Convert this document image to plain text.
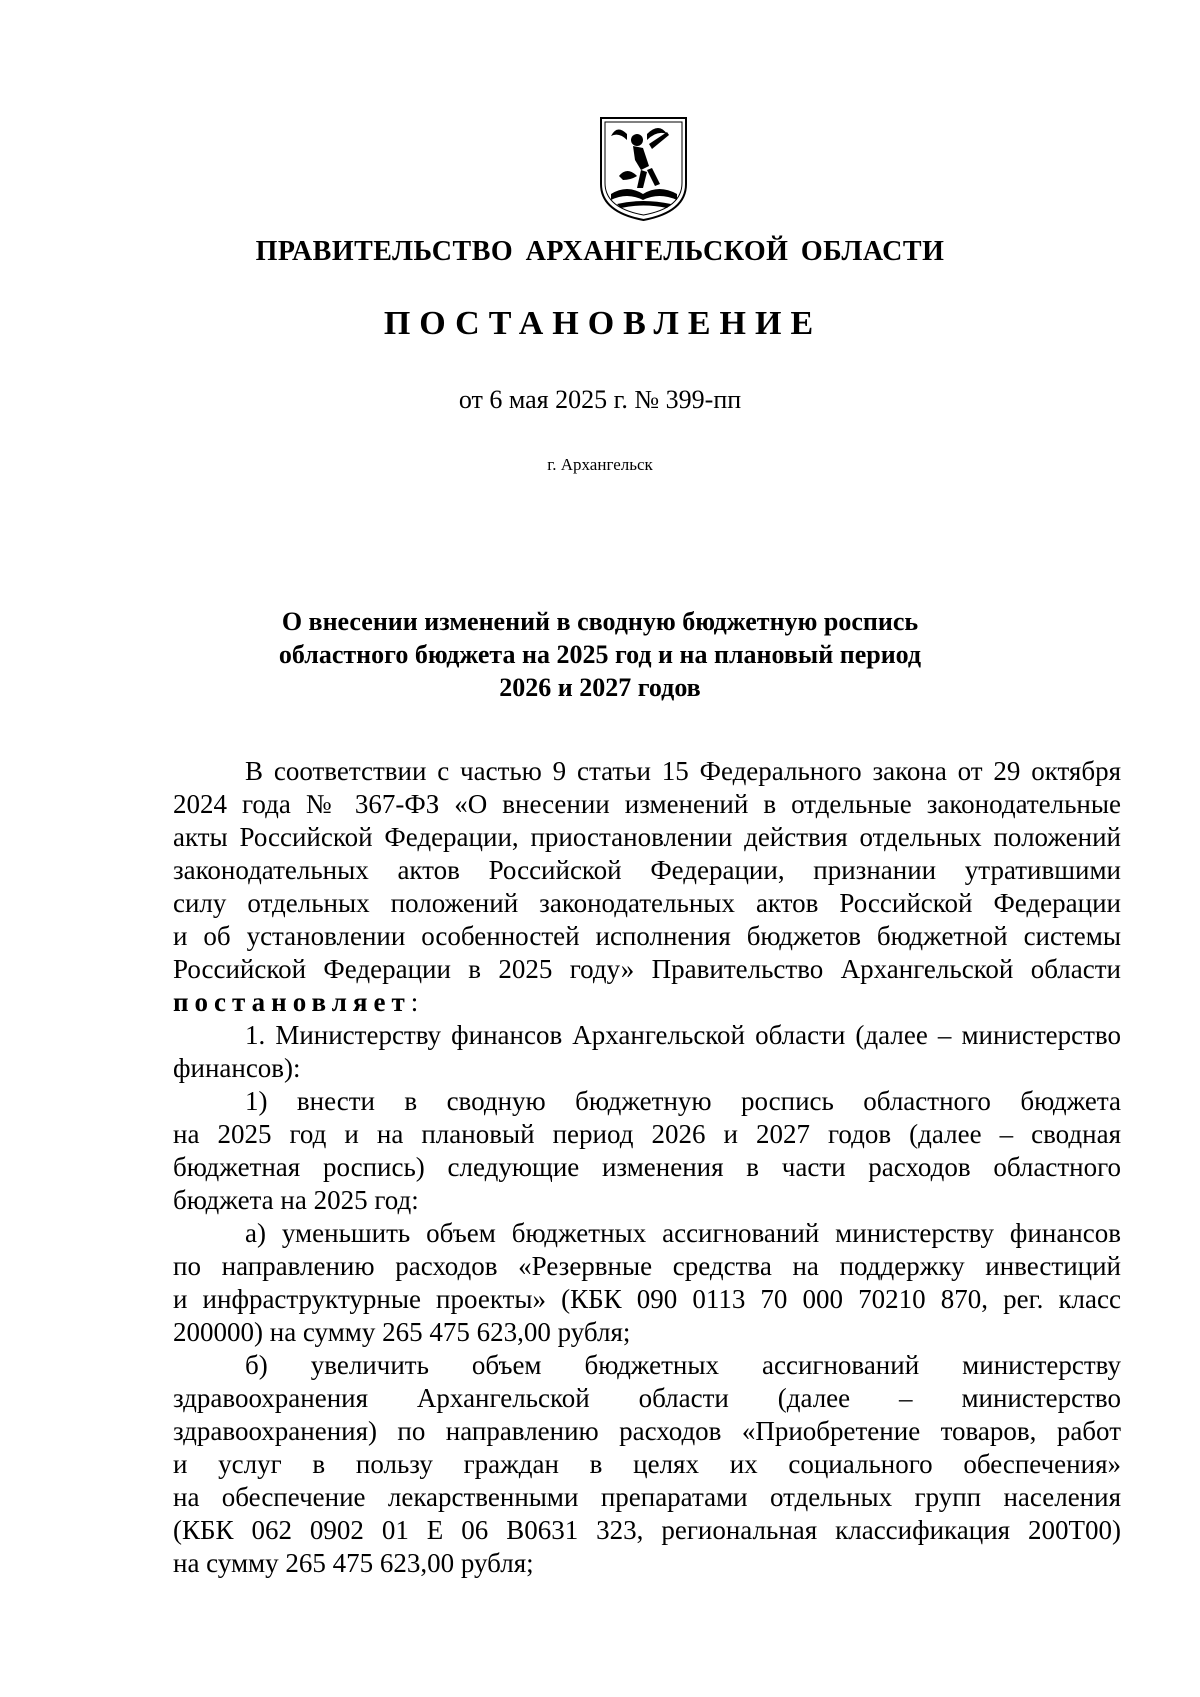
ПРАВИТЕЛЬСТВО АРХАНГЕЛЬСКОЙ ОБЛАСТИ
ПОСТАНОВЛЕНИЕ
от 6 мая 2025 г. № 399-пп
г. Архангельск
О внесении изменений в сводную бюджетную роспись
областного бюджета на 2025 год и на плановый период
2026 и 2027 годов
В соответствии с частью 9 статьи 15 Федерального закона от 29 октября
2024 года № 367-ФЗ «О внесении изменений в отдельные законодательные
акты Российской Федерации, приостановлении действия отдельных положений
законодательных актов Российской Федерации, признании утратившими
силу отдельных положений законодательных актов Российской Федерации
и об установлении особенностей исполнения бюджетов бюджетной системы
Российской Федерации в 2025 году» Правительство Архангельской области
постановляет:
1. Министерству финансов Архангельской области (далее – министерство
финансов):
1) внести в сводную бюджетную роспись областного бюджета
на 2025 год и на плановый период 2026 и 2027 годов (далее – сводная
бюджетная роспись) следующие изменения в части расходов областного
бюджета на 2025 год:
а) уменьшить объем бюджетных ассигнований министерству финансов
по направлению расходов «Резервные средства на поддержку инвестиций
и инфраструктурные проекты» (КБК 090 0113 70 000 70210 870, рег. класс
200000) на сумму 265 475 623,00 рубля;
б) увеличить объем бюджетных ассигнований министерству
здравоохранения Архангельской области (далее – министерство
здравоохранения) по направлению расходов «Приобретение товаров, работ
и услуг в пользу граждан в целях их социального обеспечения»
на обеспечение лекарственными препаратами отдельных групп населения
(КБК 062 0902 01 Е 06 В0631 323, региональная классификация 200Т00)
на сумму 265 475 623,00 рубля;
